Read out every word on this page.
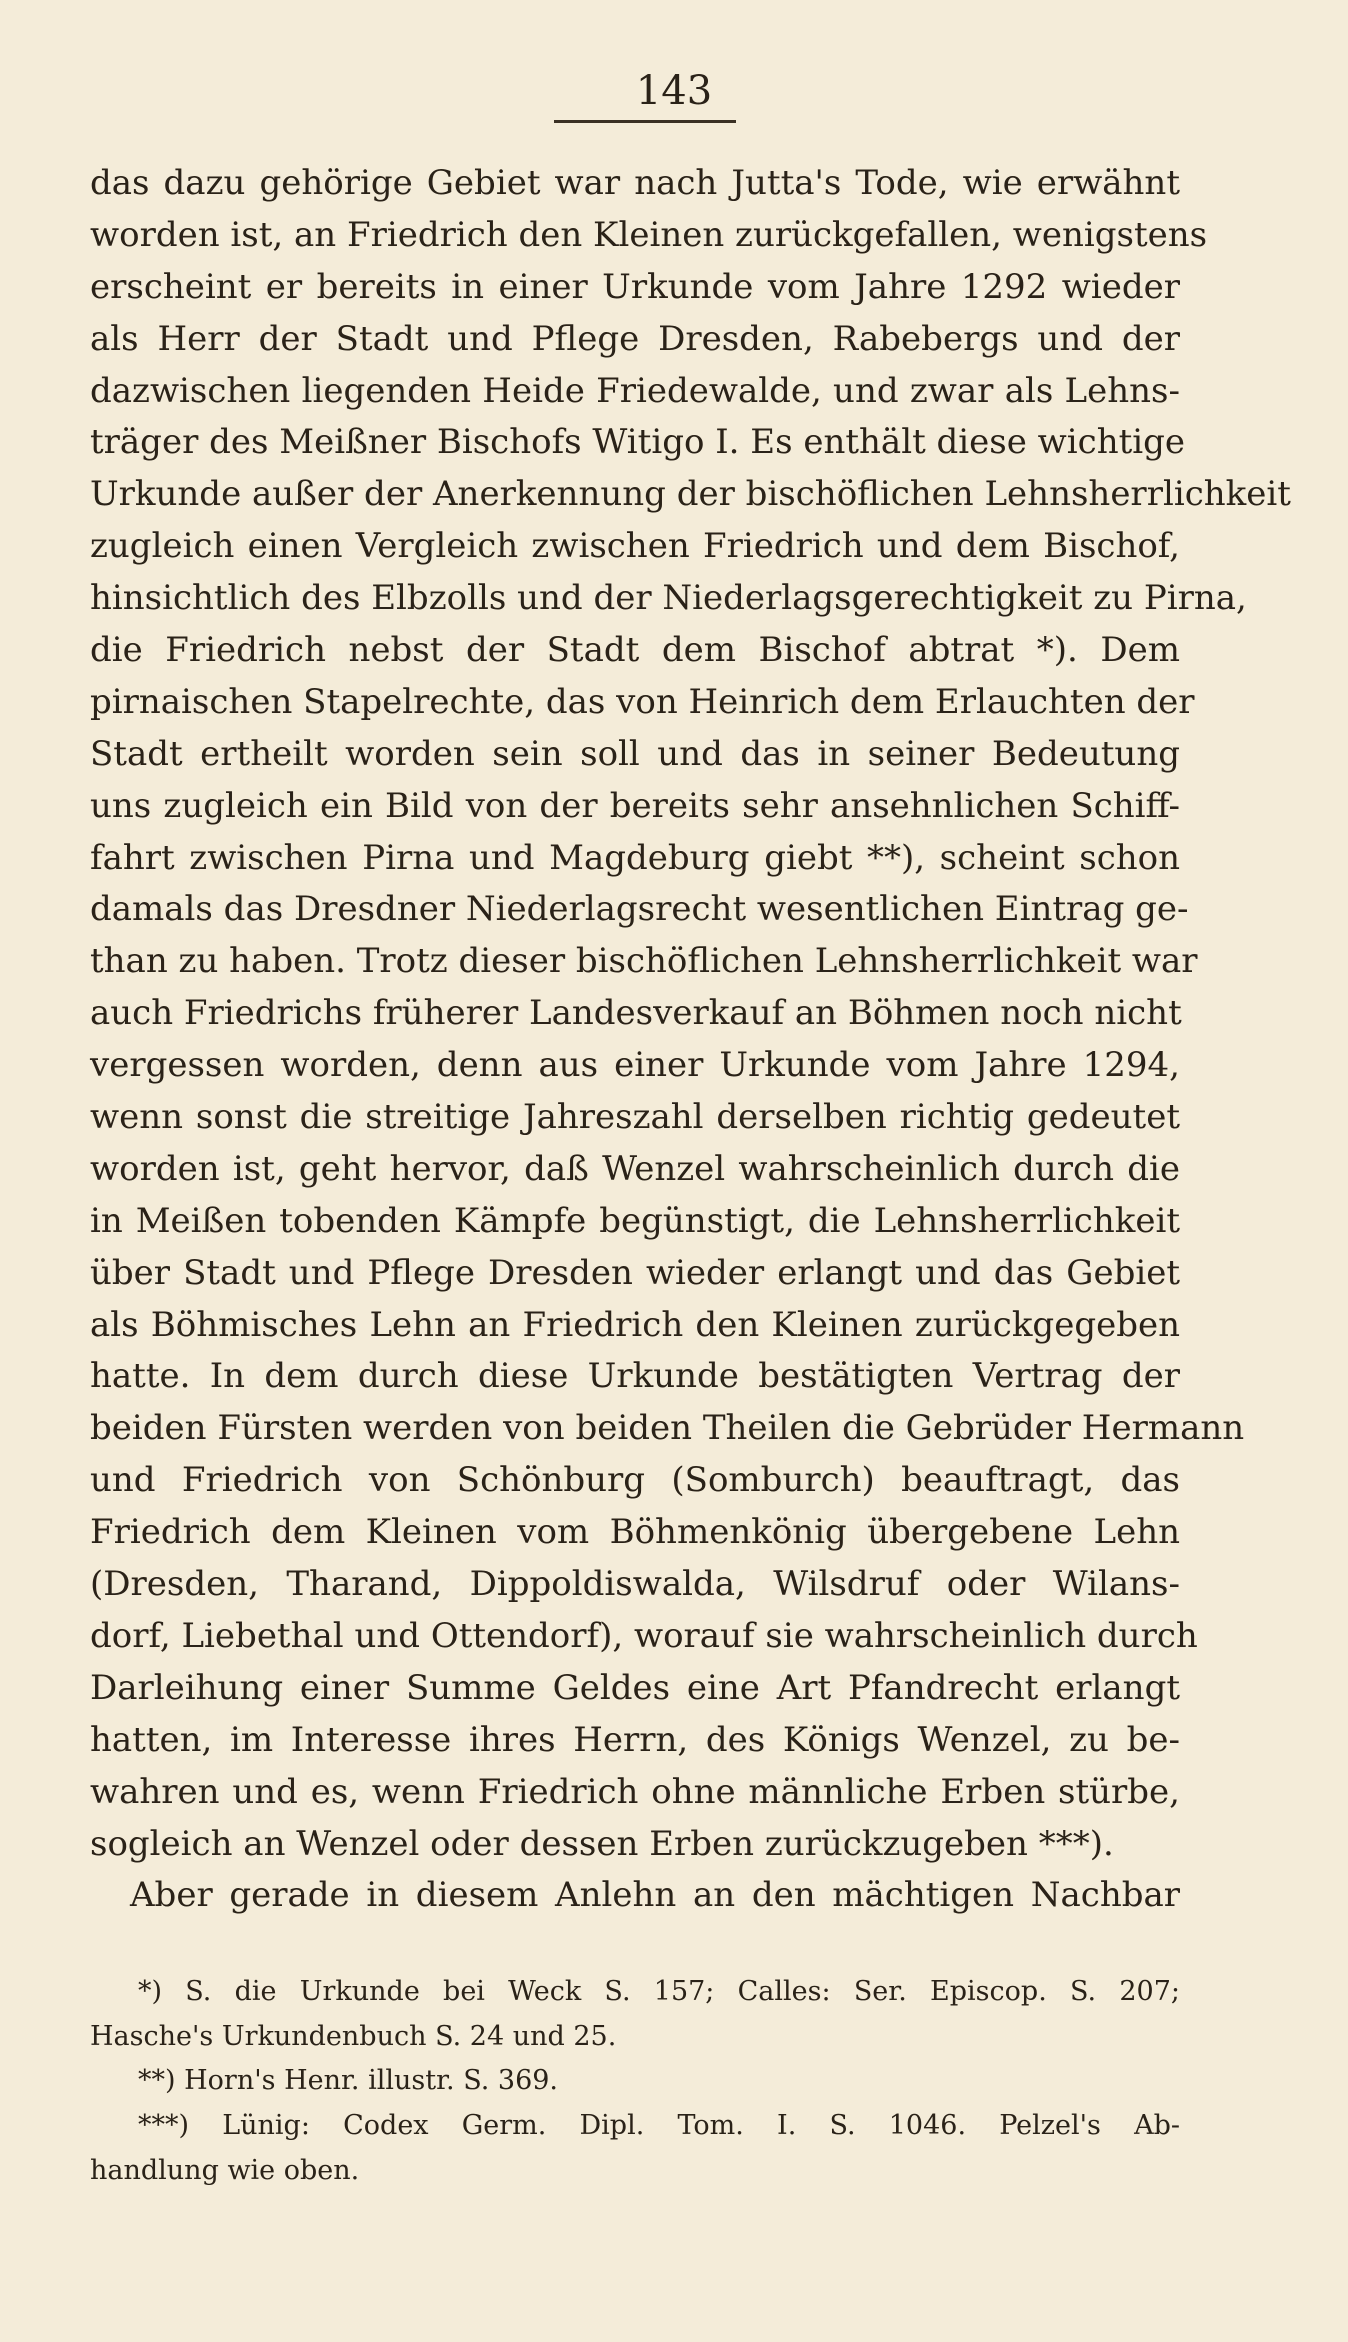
143
das dazu gehörige Gebiet war nach Jutta's Tode, wie erwähnt
worden ist, an Friedrich den Kleinen zurückgefallen, wenigstens
erscheint er bereits in einer Urkunde vom Jahre 1292 wieder
als Herr der Stadt und Pflege Dresden, Rabebergs und der
dazwischen liegenden Heide Friedewalde, und zwar als Lehns-
träger des Meißner Bischofs Witigo I. Es enthält diese wichtige
Urkunde außer der Anerkennung der bischöflichen Lehnsherrlichkeit
zugleich einen Vergleich zwischen Friedrich und dem Bischof,
hinsichtlich des Elbzolls und der Niederlagsgerechtigkeit zu Pirna,
die Friedrich nebst der Stadt dem Bischof abtrat *). Dem
pirnaischen Stapelrechte, das von Heinrich dem Erlauchten der
Stadt ertheilt worden sein soll und das in seiner Bedeutung
uns zugleich ein Bild von der bereits sehr ansehnlichen Schiff-
fahrt zwischen Pirna und Magdeburg giebt **), scheint schon
damals das Dresdner Niederlagsrecht wesentlichen Eintrag ge-
than zu haben. Trotz dieser bischöflichen Lehnsherrlichkeit war
auch Friedrichs früherer Landesverkauf an Böhmen noch nicht
vergessen worden, denn aus einer Urkunde vom Jahre 1294,
wenn sonst die streitige Jahreszahl derselben richtig gedeutet
worden ist, geht hervor, daß Wenzel wahrscheinlich durch die
in Meißen tobenden Kämpfe begünstigt, die Lehnsherrlichkeit
über Stadt und Pflege Dresden wieder erlangt und das Gebiet
als Böhmisches Lehn an Friedrich den Kleinen zurückgegeben
hatte. In dem durch diese Urkunde bestätigten Vertrag der
beiden Fürsten werden von beiden Theilen die Gebrüder Hermann
und Friedrich von Schönburg (Somburch) beauftragt, das
Friedrich dem Kleinen vom Böhmenkönig übergebene Lehn
(Dresden, Tharand, Dippoldiswalda, Wilsdruf oder Wilans-
dorf, Liebethal und Ottendorf), worauf sie wahrscheinlich durch
Darleihung einer Summe Geldes eine Art Pfandrecht erlangt
hatten, im Interesse ihres Herrn, des Königs Wenzel, zu be-
wahren und es, wenn Friedrich ohne männliche Erben stürbe,
sogleich an Wenzel oder dessen Erben zurückzugeben ***).
Aber gerade in diesem Anlehn an den mächtigen Nachbar
*) S. die Urkunde bei Weck S. 157; Calles: Ser. Episcop. S. 207;
Hasche's Urkundenbuch S. 24 und 25.
**) Horn's Henr. illustr. S. 369.
***) Lünig: Codex Germ. Dipl. Tom. I. S. 1046. Pelzel's Ab-
handlung wie oben.
